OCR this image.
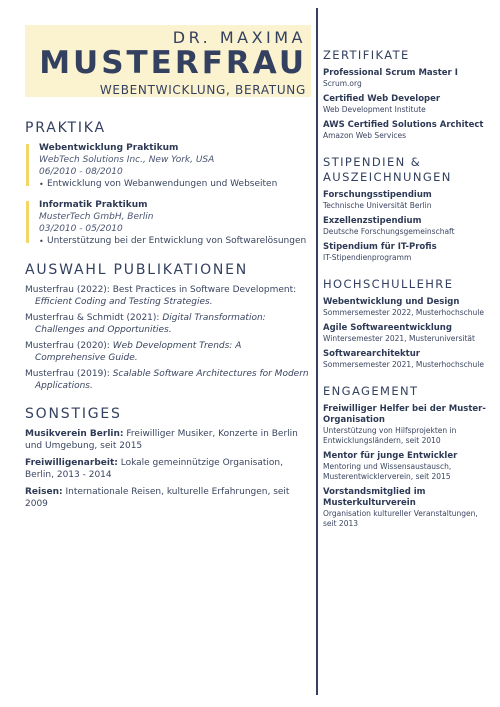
DR. MAXIMA
MUSTERFRAU
WEBENTWICKLUNG, BERATUNG
PRAKTIKA
Webentwicklung Praktikum
WebTech Solutions Inc., New York, USA
06/2010 - 08/2010
• Entwicklung von Webanwendungen und Webseiten
Informatik Praktikum
MusterTech GmbH, Berlin
03/2010 - 05/2010
• Unterstützung bei der Entwicklung von Softwarelösungen
AUSWAHL PUBLIKATIONEN
Musterfrau (2022): Best Practices in Software Development: Efficient Coding and Testing Strategies.
Musterfrau & Schmidt (2021): Digital Transformation: Challenges and Opportunities.
Musterfrau (2020): Web Development Trends: A Comprehensive Guide.
Musterfrau (2019): Scalable Software Architectures for Modern Applications.
SONSTIGES
Musikverein Berlin: Freiwilliger Musiker, Konzerte in Berlin und Umgebung, seit 2015
Freiwilligenarbeit: Lokale gemeinnützige Organisation, Berlin, 2013 - 2014
Reisen: Internationale Reisen, kulturelle Erfahrungen, seit 2009
ZERTIFIKATE
Professional Scrum Master I
Scrum.org
Certified Web Developer
Web Development Institute
AWS Certified Solutions Architect
Amazon Web Services
STIPENDIEN &
AUSZEICHNUNGEN
Forschungsstipendium
Technische Universität Berlin
Exzellenzstipendium
Deutsche Forschungsgemeinschaft
Stipendium für IT-Profis
IT-Stipendienprogramm
HOCHSCHULLEHRE
Webentwicklung und Design
Sommersemester 2022, Musterhochschule
Agile Softwareentwicklung
Wintersemester 2021, Musteruniversität
Softwarearchitektur
Sommersemester 2021, Musterhochschule
ENGAGEMENT
Freiwilliger Helfer bei der Muster-Organisation
Unterstützung von Hilfsprojekten in Entwicklungsländern, seit 2010
Mentor für junge Entwickler
Mentoring und Wissensaustausch, Musterentwicklerverein, seit 2015
Vorstandsmitglied im Musterkulturverein
Organisation kultureller Veranstaltungen, seit 2013
